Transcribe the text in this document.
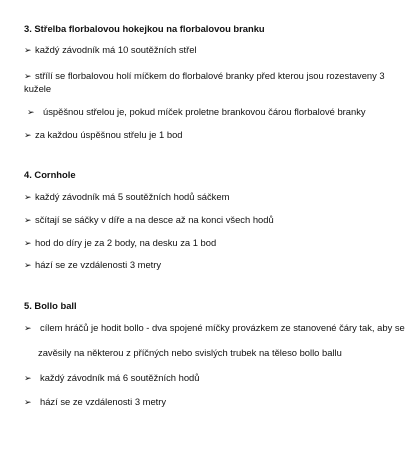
3. Střelba florbalovou hokejkou na florbalovou branku
➢ každý závodník má 10 soutěžních střel
➢ střílí se florbalovou holí míčkem do florbalové branky před kterou jsou rozestaveny 3
kužele
➢ úspěšnou střelou je, pokud míček proletne brankovou čárou florbalové branky
➢ za každou úspěšnou střelu je 1 bod
4. Cornhole
➢ každý závodník má 5 soutěžních hodů sáčkem
➢ sčítají se sáčky v díře a na desce až na konci všech hodů
➢ hod do díry je za 2 body, na desku za 1 bod
➢ hází se ze vzdálenosti 3 metry
5. Bollo ball
➢ cílem hráčů je hodit bollo - dva spojené míčky provázkem ze stanovené čáry tak, aby se
zavěsily na některou z příčných nebo svislých trubek na těleso bollo ballu
➢ každý závodník má 6 soutěžních hodů
➢ hází se ze vzdálenosti 3 metry
